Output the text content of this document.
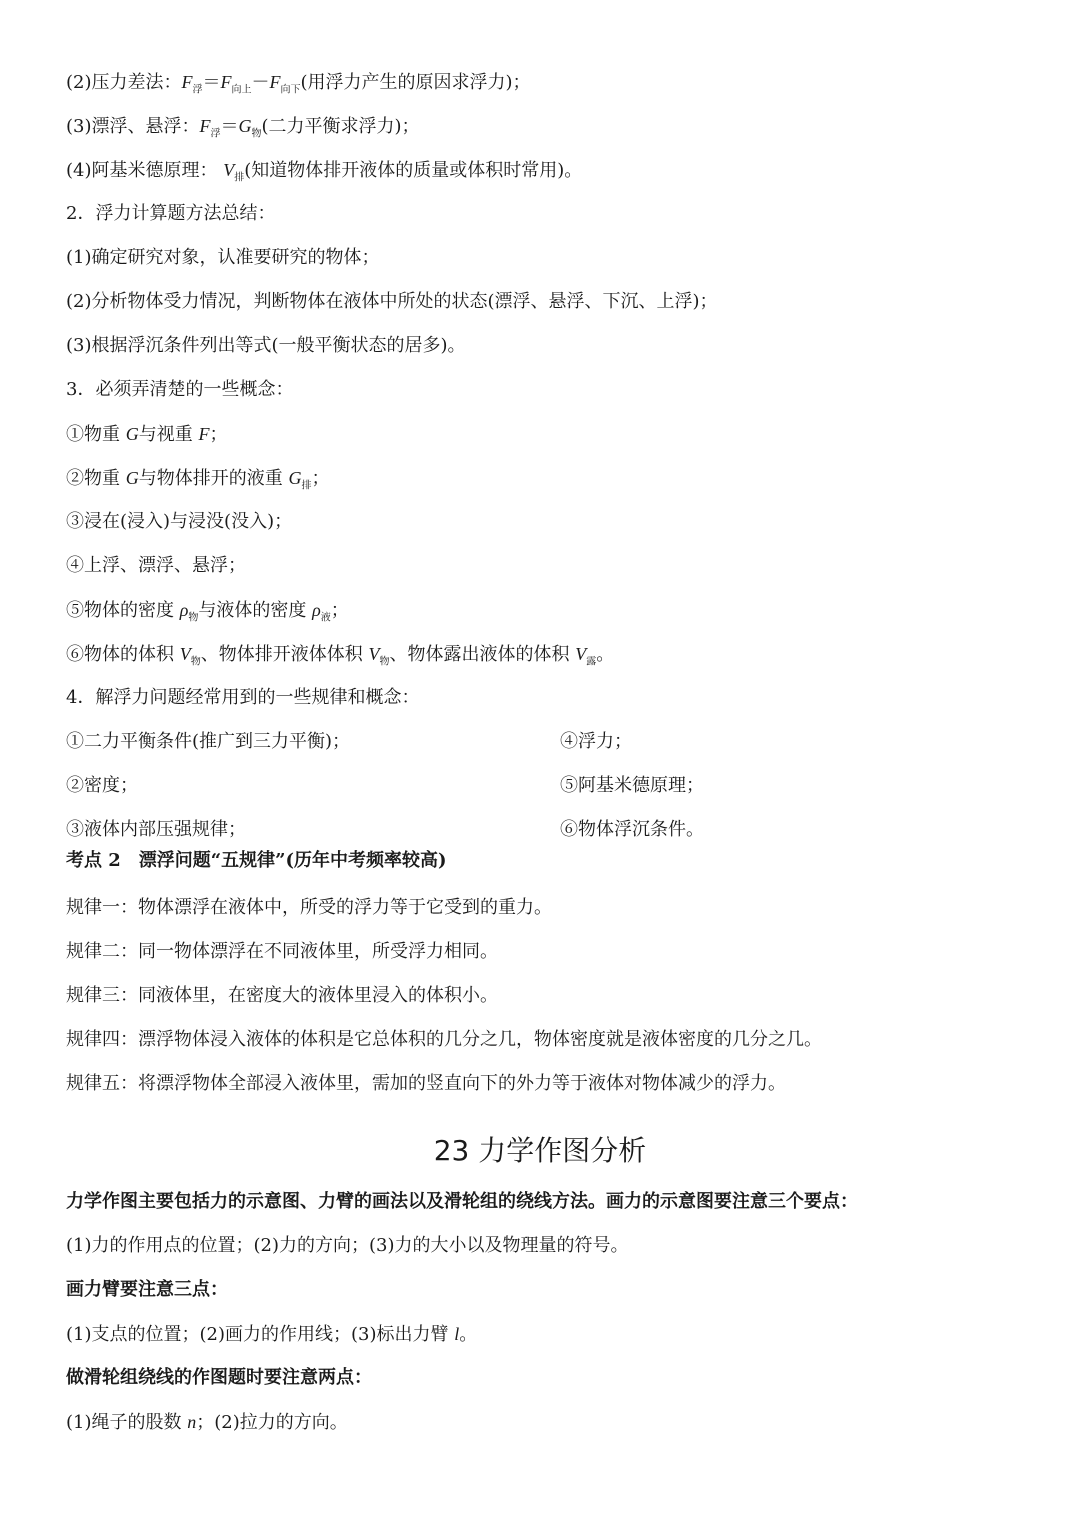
(2)压力差法：$F_浮=F_{向上}-F_{向下}$(用浮力产生的原因求浮力)；
(3)漂浮、悬浮：$F_浮=G_物$(二力平衡求浮力)；
(4)阿基米德原理： $V_排$(知道物体排开液体的质量或体积时常用)。
2．浮力计算题方法总结：
(1)确定研究对象，认准要研究的物体；
(2)分析物体受力情况，判断物体在液体中所处的状态(漂浮、悬浮、下沉、上浮)；
(3)根据浮沉条件列出等式(一般平衡状态的居多)。
3．必须弄清楚的一些概念：
①物重 G与视重 F；
②物重 G与物体排开的液重 $G_排$；
③浸在(浸入)与浸没(没入)；
④上浮、漂浮、悬浮；
⑤物体的密度 $\rho_物$与液体的密度 $\rho_液$；
⑥物体的体积 $V_物$、物体排开液体体积 $V_物$、物体露出液体的体积 $V_露$。
4．解浮力问题经常用到的一些规律和概念：
①二力平衡条件(推广到三力平衡)；	④浮力；
②密度；	⑤阿基米德原理；
③液体内部压强规律；	⑥物体浮沉条件。
考点 2　漂浮问题“五规律”(历年中考频率较高)
规律一：物体漂浮在液体中，所受的浮力等于它受到的重力。
规律二：同一物体漂浮在不同液体里，所受浮力相同。
规律三：同液体里，在密度大的液体里浸入的体积小。
规律四：漂浮物体浸入液体的体积是它总体积的几分之几，物体密度就是液体密度的几分之几。
规律五：将漂浮物体全部浸入液体里，需加的竖直向下的外力等于液体对物体减少的浮力。
23 力学作图分析
力学作图主要包括力的示意图、力臂的画法以及滑轮组的绕线方法。画力的示意图要注意三个要点：
(1)力的作用点的位置；(2)力的方向；(3)力的大小以及物理量的符号。
画力臂要注意三点：
(1)支点的位置；(2)画力的作用线；(3)标出力臂 l。
做滑轮组绕线的作图题时要注意两点：
(1)绳子的股数 n；(2)拉力的方向。
